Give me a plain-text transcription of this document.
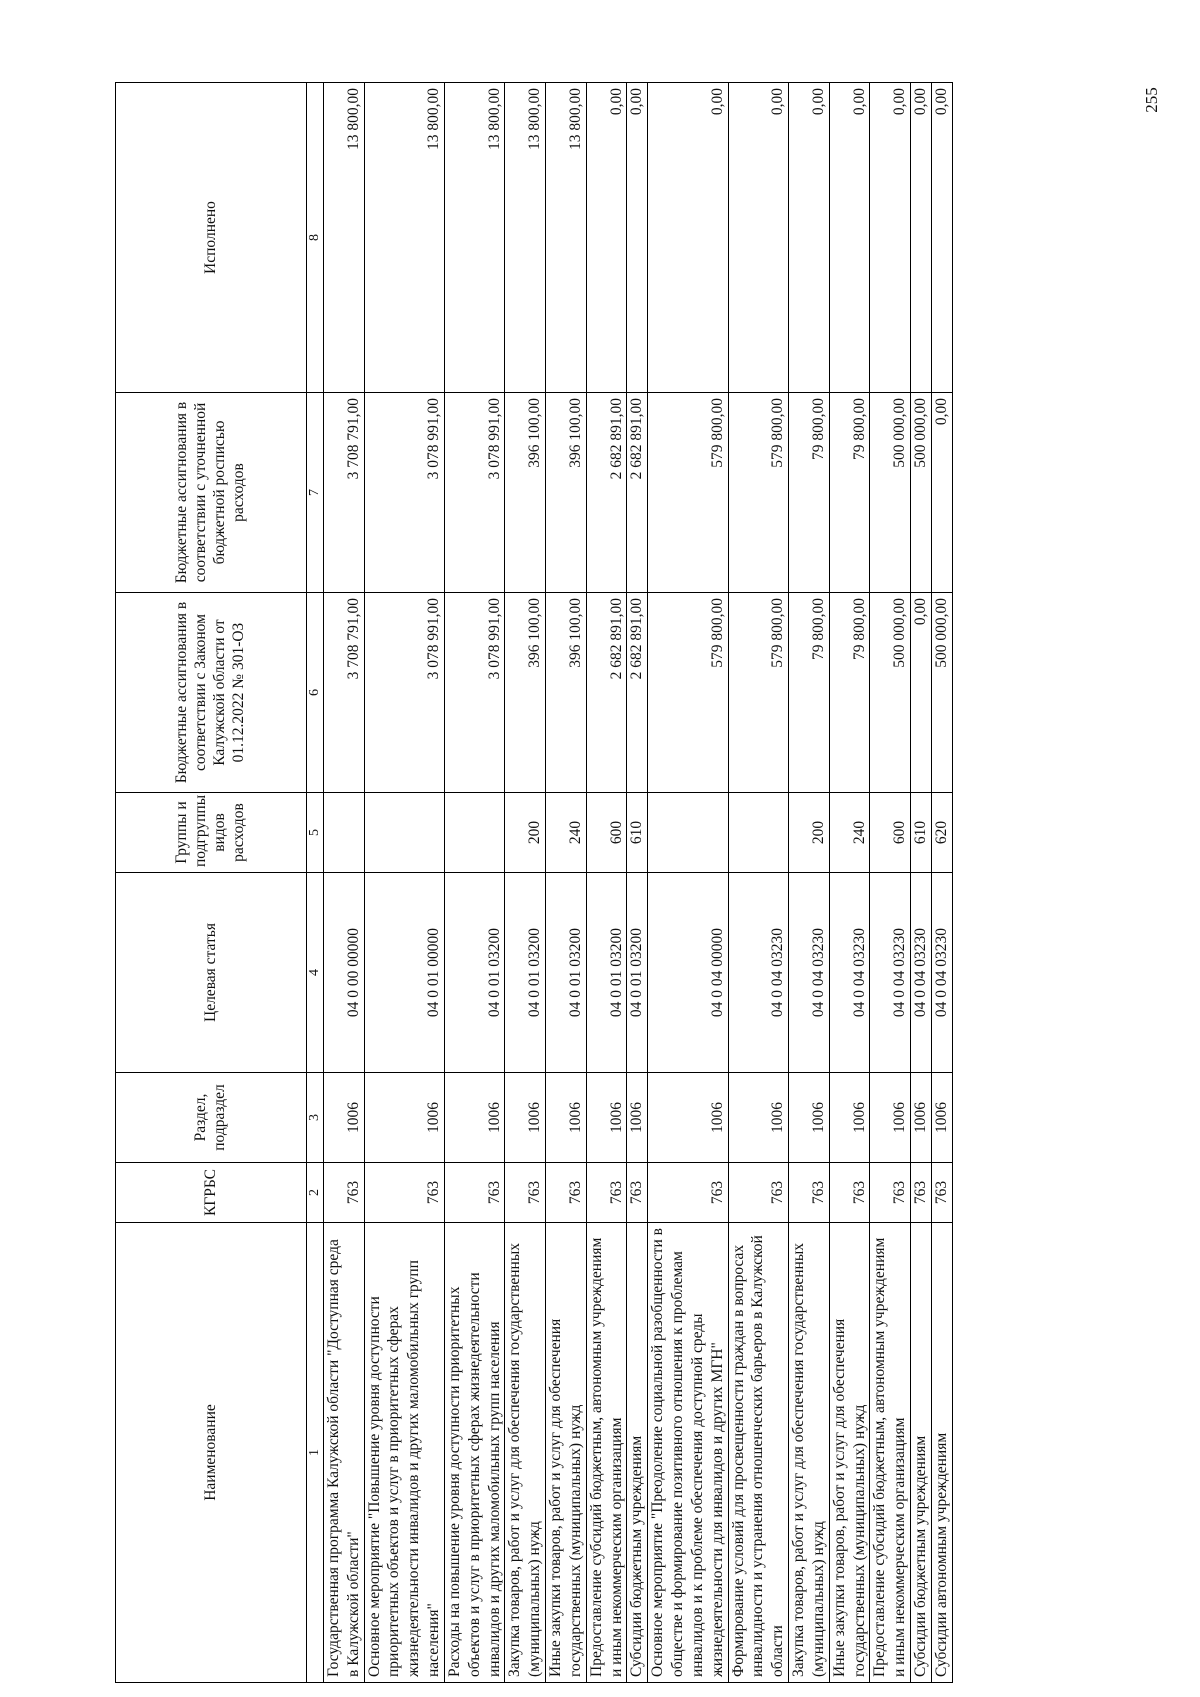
255
Наименование	КГРБС	Раздел, подраздел	Целевая статья	Группы и подгруппы видов расходов	Бюджетные ассигнования в соответствии с Законом Калужской области от 01.12.2022 № 301-ОЗ	Бюджетные ассигнования в соответствии с уточненной бюджетной росписью расходов	Исполнено
1	2	3	4	5	6	7	8
Государственная программа Калужской области "Доступная среда в Калужской области"	763	1006	04 0 00 00000		3 708 791,00	3 708 791,00	13 800,00
Основное мероприятие "Повышение уровня доступности приоритетных объектов и услуг в приоритетных сферах жизнедеятельности инвалидов и других маломобильных групп населения"	763	1006	04 0 01 00000		3 078 991,00	3 078 991,00	13 800,00
Расходы на повышение уровня доступности приоритетных объектов и услуг в приоритетных сферах жизнедеятельности инвалидов и других маломобильных групп населения	763	1006	04 0 01 03200		3 078 991,00	3 078 991,00	13 800,00
Закупка товаров, работ и услуг для обеспечения государственных (муниципальных) нужд	763	1006	04 0 01 03200	200	396 100,00	396 100,00	13 800,00
Иные закупки товаров, работ и услуг для обеспечения государственных (муниципальных) нужд	763	1006	04 0 01 03200	240	396 100,00	396 100,00	13 800,00
Предоставление субсидий бюджетным, автономным учреждениям и иным некоммерческим организациям	763	1006	04 0 01 03200	600	2 682 891,00	2 682 891,00	0,00
Субсидии бюджетным учреждениям	763	1006	04 0 01 03200	610	2 682 891,00	2 682 891,00	0,00
Основное мероприятие "Преодоление социальной разобщенности в обществе и формирование позитивного отношения к проблемам инвалидов и к проблеме обеспечения доступной среды жизнедеятельности для инвалидов и других МГН"	763	1006	04 0 04 00000		579 800,00	579 800,00	0,00
Формирование условий для просвещенности граждан в вопросах инвалидности и устранения отношенческих барьеров в Калужской области	763	1006	04 0 04 03230		579 800,00	579 800,00	0,00
Закупка товаров, работ и услуг для обеспечения государственных (муниципальных) нужд	763	1006	04 0 04 03230	200	79 800,00	79 800,00	0,00
Иные закупки товаров, работ и услуг для обеспечения государственных (муниципальных) нужд	763	1006	04 0 04 03230	240	79 800,00	79 800,00	0,00
Предоставление субсидий бюджетным, автономным учреждениям и иным некоммерческим организациям	763	1006	04 0 04 03230	600	500 000,00	500 000,00	0,00
Субсидии бюджетным учреждениям	763	1006	04 0 04 03230	610	0,00	500 000,00	0,00
Субсидии автономным учреждениям	763	1006	04 0 04 03230	620	500 000,00	0,00	0,00
